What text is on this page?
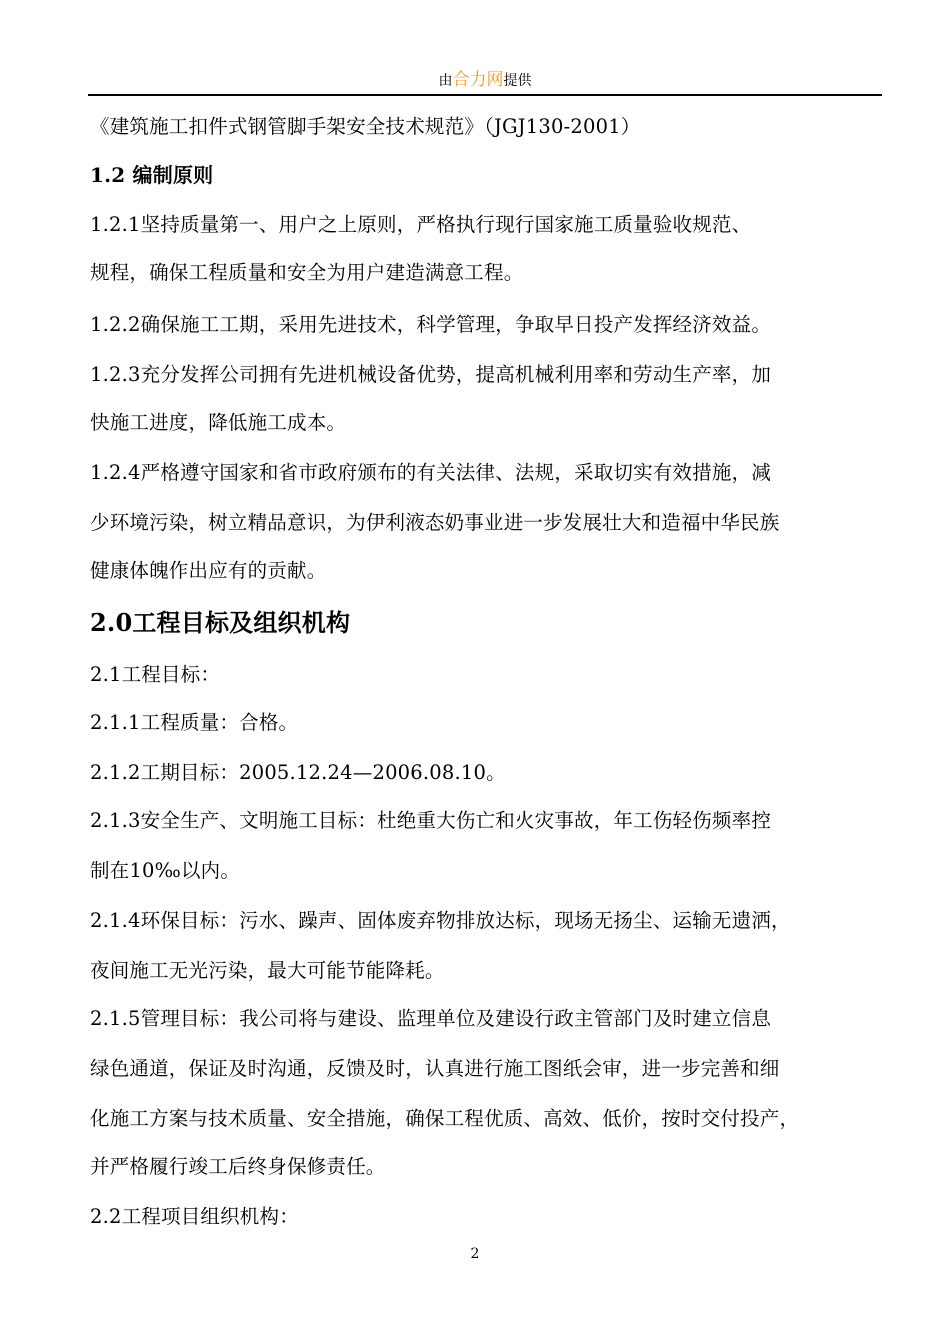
由合力网提供
《建筑施工扣件式钢管脚手架安全技术规范》（JGJ130-2001）
1.2 编制原则
1.2.1坚持质量第一、用户之上原则，严格执行现行国家施工质量验收规范、
规程，确保工程质量和安全为用户建造满意工程。
1.2.2确保施工工期，采用先进技术，科学管理，争取早日投产发挥经济效益。
1.2.3充分发挥公司拥有先进机械设备优势，提高机械利用率和劳动生产率，加
快施工进度，降低施工成本。
1.2.4严格遵守国家和省市政府颁布的有关法律、法规，采取切实有效措施，减
少环境污染，树立精品意识，为伊利液态奶事业进一步发展壮大和造福中华民族
健康体魄作出应有的贡献。
2.0工程目标及组织机构
2.1工程目标：
2.1.1工程质量：合格。
2.1.2工期目标：2005.12.24—2006.08.10。
2.1.3安全生产、文明施工目标：杜绝重大伤亡和火灾事故，年工伤轻伤频率控
制在10‰以内。
2.1.4环保目标：污水、躁声、固体废弃物排放达标，现场无扬尘、运输无遗洒，
夜间施工无光污染，最大可能节能降耗。
2.1.5管理目标：我公司将与建设、监理单位及建设行政主管部门及时建立信息
绿色通道，保证及时沟通，反馈及时，认真进行施工图纸会审，进一步完善和细
化施工方案与技术质量、安全措施，确保工程优质、高效、低价，按时交付投产，
并严格履行竣工后终身保修责任。
2.2工程项目组织机构：
2
